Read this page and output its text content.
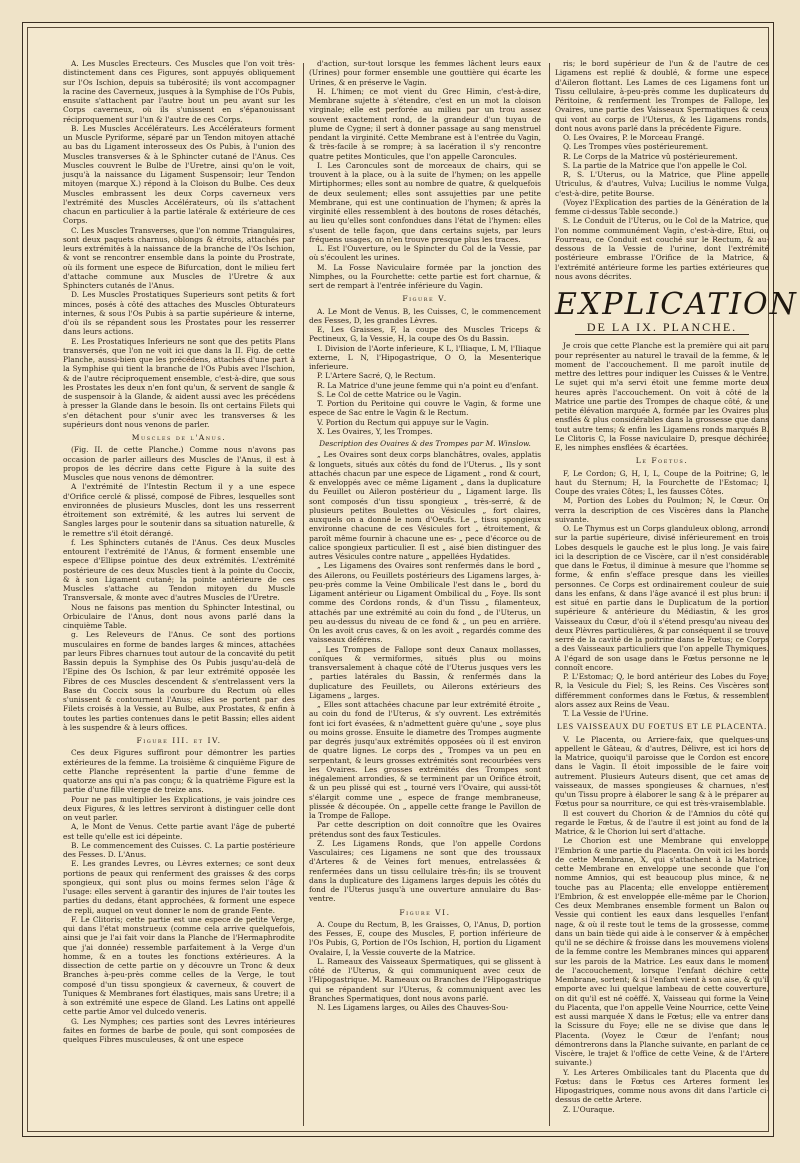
A. Les Muscles Erecteurs. Ces Muscles que l'on voit très-distinctement dans ces Figures, sont appuyés obliquement sur l'Os Ischion, depuis sa tubérosité; ils vont accompagner la racine des Caverneux, jusques à la Symphise de l'Os Pubis, ensuite s'attachent par l'autre bout un peu avant sur les Corps caverneux, où ils s'unissent en s'épanouissant réciproquement sur l'un & l'autre de ces Corps.

B. Les Muscles Accélérateurs. Les Accélérateurs forment un Muscle Pyriforme, séparé par un Tendon mitoyen attaché au bas du Ligament interosseux des Os Pubis, à l'union des Muscles transverses & à le Sphincter cutané de l'Anus. Ces Muscles couvrent le Bulbe de l'Uretre, ainsi qu'on le voit, jusqu'à la naissance du Ligament Suspensoir; leur Tendon mitoyen (marque X.) répond à la Cloison du Bulbe. Ces deux Muscles embrassent les deux Corps caverneux vers l'extrémité des Muscles Accélérateurs, où ils s'attachent chacun en particulier à la partie latérale & extérieure de ces Corps.

C. Les Muscles Transverses, que l'on nomme Triangulaires, sont deux paquets charnus, oblongs & étroits, attachés par leurs extrémités à la naissance de la branche de l'Os Ischion, & vont se rencontrer ensemble dans la pointe du Prostrate, où ils forment une espece de Bifurcation, dont le milieu fert d'attache commune aux Muscles de l'Uretre & aux Sphincters cutanés de l'Anus.

D. Les Muscles Prostatiques Superieurs sont petits & fort minces, posés à côté des attaches des Muscles Obturateurs internes, & sous l'Os Pubis à sa partie supérieure & interne, d'où ils se répandent sous les Prostates pour les resserrer dans leurs actions.

E. Les Prostatiques Inferieurs ne sont que des petits Plans transversés, que l'on ne voit ici que dans la II. Fig. de cette Planche, aussi-bien que les précédens, attachés d'une part à la Symphise qui tient la branche de l'Os Pubis avec l'Ischion, & de l'autre réciproquement ensemble, c'est-à-dire, que sous les Prostates les deux n'en font qu'un, & servent de sangle & de suspensoir à la Glande, & aident aussi avec les précédens à presser la Glande dans le besoin. Ils ont certains Filets qui s'en détachent pour s'unir avec les transverses & les supérieurs dont nous venons de parler.

Muscles de l'Anus.

(Fig. II. de cette Planche.) Comme nous n'avons pas occasion de parler ailleurs des Muscles de l'Anus, il est à propos de les décrire dans cette Figure à la suite des Muscles que nous venons de démontrer.

A l'extrémité de l'Intestin Rectum il y a une espece d'Orifice cerclé & plissé, composé de Fibres, lesquelles sont environnées de plusieurs Muscles, dont les uns resserrent étroitement son extrémité, & les autres lui servent de Sangles larges pour le soutenir dans sa situation naturelle, & le remettre s'il étoit dérangé.

f. Les Sphincters cutanés de l'Anus. Ces deux Muscles entourent l'extrémité de l'Anus, & forment ensemble une espece d'Ellipse pointue des deux extrémités. L'extrémité postérieure de ces deux Muscles tient à la pointe du Coccix, & à son Ligament cutané; la pointe antérieure de ces Muscles s'attache au Tendon mitoyen du Muscle Transversale, & monte avec d'autres Muscles de l'Uretre.

Nous ne faisons pas mention du Sphincter Intestinal, ou Orbiculaire de l'Anus, dont nous avons parlé dans la cinquième Table.

g. Les Releveurs de l'Anus. Ce sont des portions musculaires en forme de bandes larges & minces, attachées par leurs Fibres charnues tout autour de la concavité du petit Bassin depuis la Symphise des Os Pubis jusqu'au-delà de l'Epine des Os Ischion, & par leur extrémité opposée les Fibres de ces Muscles descendent & s'entrelassent vers la Base du Coccix sous la courbure du Rectum où elles s'unissent & contournent l'Anus; elles se portent par des Filets croisés à la Vessie, au Bulbe, aux Prostates, & enfin à toutes les parties contenues dans le petit Bassin; elles aident à les suspendre & à leurs offices.

Figure III. et IV.

Ces deux Figures suffiront pour démontrer les parties extérieures de la femme. La troisième & cinquième Figure de cette Planche représentent la partie d'une femme de quatorze ans qui n'a pas conçu; & la quatrième Figure est la partie d'une fille vierge de treize ans.

Pour ne pas multiplier les Explications, je vais joindre ces deux Figures, & les lettres serviront à distinguer celle dont on veut parler.

A, le Mont de Venus. Cette partie avant l'âge de puberté est telle qu'elle est ici dépeinte.

B. Le commencement des Cuisses. C. La partie postérieure des Fesses. D. L'Anus.

E. Les grandes Levres, ou Lèvres externes; ce sont deux portions de peaux qui renferment des graisses & des corps spongieux, qui sont plus ou moins fermes selon l'âge & l'usage: elles servent à garantir des injures de l'air toutes les parties du dedans, étant approchées, & forment une espece de repli, auquel on veut donner le nom de grande Fente.

F. Le Clitoris; cette partie est une espece de petite Verge, qui dans l'état monstrueux (comme cela arrive quelquefois, ainsi que je l'ai fait voir dans la Planche de l'Hermaphrodite que j'ai donnée) ressemble parfaitement à la Verge d'un homme, & en a toutes les fonctions extérieures. A la dissection de cette partie on y découvre un Tronc & deux Branches à-peu-près comme celles de la Verge, le tout composé d'un tissu spongieux & caverneux, & couvert de Tuniques & Membranes fort élastiques, mais sans Uretre; il a à son extrémité une espece de Gland. Les Latins ont appellé cette partie Amor vel dulcedo veneris.

G. Les Nymphes; ces parties sont des Levres intérieures faites en formes de barbe de poule, qui sont composées de quelques Fibres musculeuses, & ont une espece

d'action, sur-tout lorsque les femmes lâchent leurs eaux (Urines) pour former ensemble une gouttière qui écarte les Urines, & en préserve le Vagin.

H. L'himen; ce mot vient du Grec Himin, c'est-à-dire, Membrane sujette à s'étendre, c'est en un mot la cloison virginale; elle est perforée au milieu par un trou assez souvent exactement rond, de la grandeur d'un tuyau de plume de Cygne; il sert à donner passage au sang menstruel pendant la virginité. Cette Membrane est à l'entrée du Vagin, & très-facile à se rompre; à sa lacération il s'y rencontre quatre petites Monticules, que l'on appelle Caroncules.

I. Les Caroncules sont de morceaux de chairs, qui se trouvent à la place, ou à la suite de l'hymen; on les appelle Mirtiphormes; elles sont au nombre de quatre, & quelquefois de deux seulement; elles sont assujetties par une petite Membrane, qui est une continuation de l'hymen; & après la virginité elles ressemblent à des boutons de roses détachés, au lieu qu'elles sont confondues dans l'état de l'hymen: elles s'usent de telle façon, que dans certains sujets, par leurs fréquens usages, on n'en trouve presque plus les traces.

L. Est l'Ouverture, ou le Spincter du Col de la Vessie, par où s'écoulent les urines.

M. La Fosse Naviculaire formée par la jonction des Nimphes, ou la Fourchette: cette partie est fort charnue, & sert de rempart à l'entrée inférieure du Vagin.

Figure V.

A. Le Mont de Venus. B, les Cuisses, C, le commencement des Fesses, D, les grandes Lèvres.

E, Les Graisses, F, la coupe des Muscles Triceps & Pectineux, G, la Vessie, H, la coupe des Os du Bassin.

I. Division de l'Aorte inferieure, K L, l'Iliaque, L M, l'Iliaque externe, L N, l'Hipogastrique, O O, la Mesenterique inferieure.

P. L'Artere Sacré, Q, le Rectum.

R. La Matrice d'une jeune femme qui n'a point eu d'enfant.

S. Le Col de cette Matrice ou le Vagin.

T. Portion du Peritoine qui couvre le Vagin, & forme une espece de Sac entre le Vagin & le Rectum.

V. Portion du Rectum qui appuye sur le Vagin.

X. Les Ovaires, Y, les Trompes.

Description des Ovaires & des Trompes par M. Winslow.

„ Les Ovaires sont deux corps blanchâtres, ovales, applatis & longuets, situés aux côtés du fond de l'Uterus. „ Ils y sont attachés chacun par une espece de Ligament „ rond & court, & enveloppés avec ce même Ligament „ dans la duplicature du Feuillet ou Aileron postérieur du „ Ligament large. Ils sont composés d'un tissu spongieux „ très-serré, & de plusieurs petites Boulettes ou Vésicules „ fort claires, auxquels on a donné le nom d'Oeufs. Le „ tissu spongieux environne chacune de ces Vésicules fort „ étroitement, & paroît même fournir à chacune une es- „ pece d'écorce ou de calice spongieux particulier. Il est „ aisé bien distinguer des autres Vésicules contre nature „ appellées Hydatides.

„ Les Ligamens des Ovaires sont renfermés dans le bord „ des Ailerons, ou Feuillets postérieurs des Ligamens larges, à-peu-près comme la Veine Ombilicale l'est dans le „ bord du Ligament antérieur ou Ligament Ombilical du „ Foye. Ils sont comme des Cordons ronds, & d'un Tissu „ filamenteux, attachés par une extrémité au coin du fond „ de l'Uterus, un peu au-dessus du niveau de ce fond & „ un peu en arrière. On les avoit crus caves, & on les avoit „ regardés comme des vaisseaux déférens.

„ Les Trompes de Fallope sont deux Canaux mollasses, conïques & vermiformes, situés plus ou moins transversalement à chaque côté de l'Uterus jusques vers les „ parties latérales du Bassin, & renfermés dans la duplicature des Feuillets, ou Ailerons extérieurs des Ligamens „ larges.

„ Elles sont attachées chacune par leur extrémité étroite „ au coin du fond de l'Uterus, & s'y ouvrent. Les extrémités font ici fort évasées, & n'admettent guère qu'une „ soye plus ou moins grosse. Ensuite le diametre des Trompes augmente par degrés jusqu'aux extrémités opposées où il est environ de quatre lignes. Le corps des „ Trompes va un peu en serpentant, & leurs grosses extrémités sont recourbées vers les Ovaires. Les grosses extrémités des Trompes sont inégalement arrondies, & se terminent par un Orifice étroit, & un peu plissé qui est „ tourné vers l'Ovaire, qui aussi-tôt s'élargit comme une „ espece de frange membraneuse, plissée & découpée. On „ appelle cette frange le Pavillon de la Trompe de Fallope.

Par cette description on doit connoître que les Ovaires prétendus sont des faux Testicules.

Z. Les Ligamens Ronds, que l'on appelle Cordons Vasculaires; ces Ligamens ne sont que des troussaux d'Arteres & de Veines fort menues, entrelassées & renfermées dans un tissu cellulaire très-fin; ils se trouvent dans la duplicature des Ligamens larges depuis les côtés du fond de l'Uterus jusqu'à une ouverture annulaire du Bas-ventre.

Figure VI.

A. Coupe du Rectum, B, les Graisses, O, l'Anus, D, portion des Fesses, E, coupe des Muscles, F, portion inférieure de l'Os Pubis, G, Portion de l'Os Ischion, H, portion du Ligament Ovalaire, I, la Vessie couverte de la Matrice.

L. Rameaux des Vaisseaux Spermatiques, qui se glissent à côté de l'Uterus, & qui communiquent avec ceux de l'Hipogastrique. M. Rameaux ou Branches de l'Hipogastrique qui se répandent sur l'Uterus, & communiquent avec les Branches Spermatiques, dont nous avons parlé.

N. Les Ligamens larges, ou Ailes des Chauves-Sou-

ris; le bord supérieur de l'un & de l'autre de ces Ligamens est replié & doublé, & forme une espece d'Aileron flottant. Les Lames de ces Ligamens font un Tissu cellulaire, à-peu-près comme les duplicateurs du Péritoine, & renferment les Trompes de Fallope, les Ovaires, une partie des Vaisseaux Spermatiques & ceux qui vont au corps de l'Uterus, & les Ligamens ronds, dont nous avons parlé dans la précédente Figure.

O. Les Ovaires, P. le Morceau Frangé.

Q. Les Trompes vûes postérieurement.

R. Le Corps de la Matrice vû postérieurement.

S. La partie de la Matrice que l'on appelle le Col.

R, S. L'Uterus, ou la Matrice, que Pline appelle Utriculus, & d'autres, Vulva; Lucilius le nomme Vulga, c'est-à-dire, petite Bourse.

(Voyez l'Explication des parties de la Génération de la femme ci-dessus Table seconde.)

S. Le Conduit de l'Uterus, ou le Col de la Matrice, que l'on nomme communément Vagin, c'est-à-dire, Etui, ou Fourreau, ce Conduit est couché sur le Rectum, & au-dessous de la Vessie de l'urine, dont l'extrémité postérieure embrasse l'Orifice de la Matrice, & l'extrémité antérieure forme les parties extérieures que nous avons décrites.

EXPLICATION
DE LA IX. PLANCHE.

Je crois que cette Planche est la première qui ait paru pour représenter au naturel le travail de la femme, & le moment de l'accouchement. Il me paroît inutile de mettre des lettres pour indiquer les Cuisses & le Ventre. Le sujet qui m'a servi étoit une femme morte deux heures après l'accouchement. On voit à côté de la Matrice une partie des Trompes de chaque côté, & une petite élévation marquée A, formée par les Ovaires plus ensflés & plus considérables dans la grossesse que dans tout autre tems; & enfin les Ligamens ronds marqués B. Le Clitoris C, la Fosse naviculaire D, presque déchirée; E, les nimphes ensflées & écartées.

Le Foetus.

F, Le Cordon; G, H, I, L, Coupe de la Poitrine; G, le haut du Sternum; H, la Fourchette de l'Estomac; I, Coupe des vraies Côtes; L, les fausses Côtes.

M, Portion des Lobes du Poulmon; N, le Cœur. On verra la description de ces Viscères dans la Planche suivante.

O. Le Thymus est un Corps glanduleux oblong, arrondi sur la partie supérieure, divisé inférieurement en trois Lobes desquels le gauche est le plus long. Je vais faire ici la description de ce Viscère, car il n'est considérable que dans le Fœtus, il diminue à mesure que l'homme se forme, & enfin s'efface presque dans les vieilles personnes. Ce Corps est ordinairement couleur de suie dans les enfans, & dans l'âge avancé il est plus brun: il est situé en partie dans le Duplicatum de la portion supérieure & antérieure du Médiastin, & les gros Vaisseaux du Cœur, d'où il s'étend presqu'au niveau des deux Plèvres particulières, & par conséquent il se trouve serré de la cavité de la poitrine dans le Fœtus; ce Corps a des Vaisseaux particuliers que l'on appelle Thymiques. A l'égard de son usage dans le Fœtus personne ne le connoît encore.

P. L'Estomac; Q, le bord antérieur des Lobes du Foye; R, la Vesicule du Fiel; S, les Reins. Ces Viscères sont différemment conformes dans le Fœtus, & ressemblent alors assez aux Reins de Veau.

T. La Vessie de l'Urine.

LES VAISSEAUX DU FOETUS ET LE PLACENTA.

V. Le Placenta, ou Arriere-faix, que quelques-uns appellent le Gâteau, & d'autres, Délivre, est ici hors de la Matrice, quoiqu'il paroisse que le Cordon est encore dans le Vagin. Il étoit impossible de le faire voir autrement. Plusieurs Auteurs disent, que cet amas de vaisseaux, de masses spongieuses & charnues, n'est qu'un Tissu propre à élaborer le sang & à le préparer au Fœtus pour sa nourriture, ce qui est très-vraisemblable.

Il est couvert du Chorion & de l'Amnios du côté qui regarde le Fœtus, & de l'autre il est joint au fond de la Matrice, & le Chorion lui sert d'attache.

Le Chorion est une Membrane qui enveloppe l'Embrion & une partie du Placenta. On voit ici les bords de cette Membrane, X, qui s'attachent à la Matrice; cette Membrane en enveloppe une seconde que l'on nomme Amnios, qui est beaucoup plus mince, & ne touche pas au Placenta; elle enveloppe entièrement l'Embrion, & est enveloppée elle-même par le Chorion. Ces deux Membranes ensemble forment un Balon ou Vessie qui contient les eaux dans lesquelles l'enfant nage, & où il reste tout le tems de la grossesse, comme dans un bain tiède qui aide à le conserver & à empêcher qu'il ne se déchire & froisse dans les mouvemens violens de la femme contre les Membranes minces qui apparent sur les parois de la Matrice. Les eaux dans le moment de l'accouchement, lorsque l'enfant déchire cette Membrane, sortent; & si l'enfant vient à son aise, & qu'il emporte avec lui quelque lambeau de cette couverture, on dit qu'il est né coëffé. X, Vaisseau qui forme la Veine du Placenta, que l'on appelle Veine Nourrice, cette Veine est aussi marquée X dans le Fœtus; elle va entrer dans la Scissure du Foye; elle ne se divise que dans le Placenta. (Voyez le Cœur de l'enfant; nous démontrerons dans la Planche suivante, en parlant de ce Viscère, le trajet & l'office de cette Veine, & de l'Artere suivante.)

Y. Les Arteres Ombilicales tant du Placenta que du Fœtus: dans le Fœtus ces Arteres forment les Hipogastriques, comme nous avons dit dans l'article ci-dessus de cette Artere.

Z. L'Ouraque.
